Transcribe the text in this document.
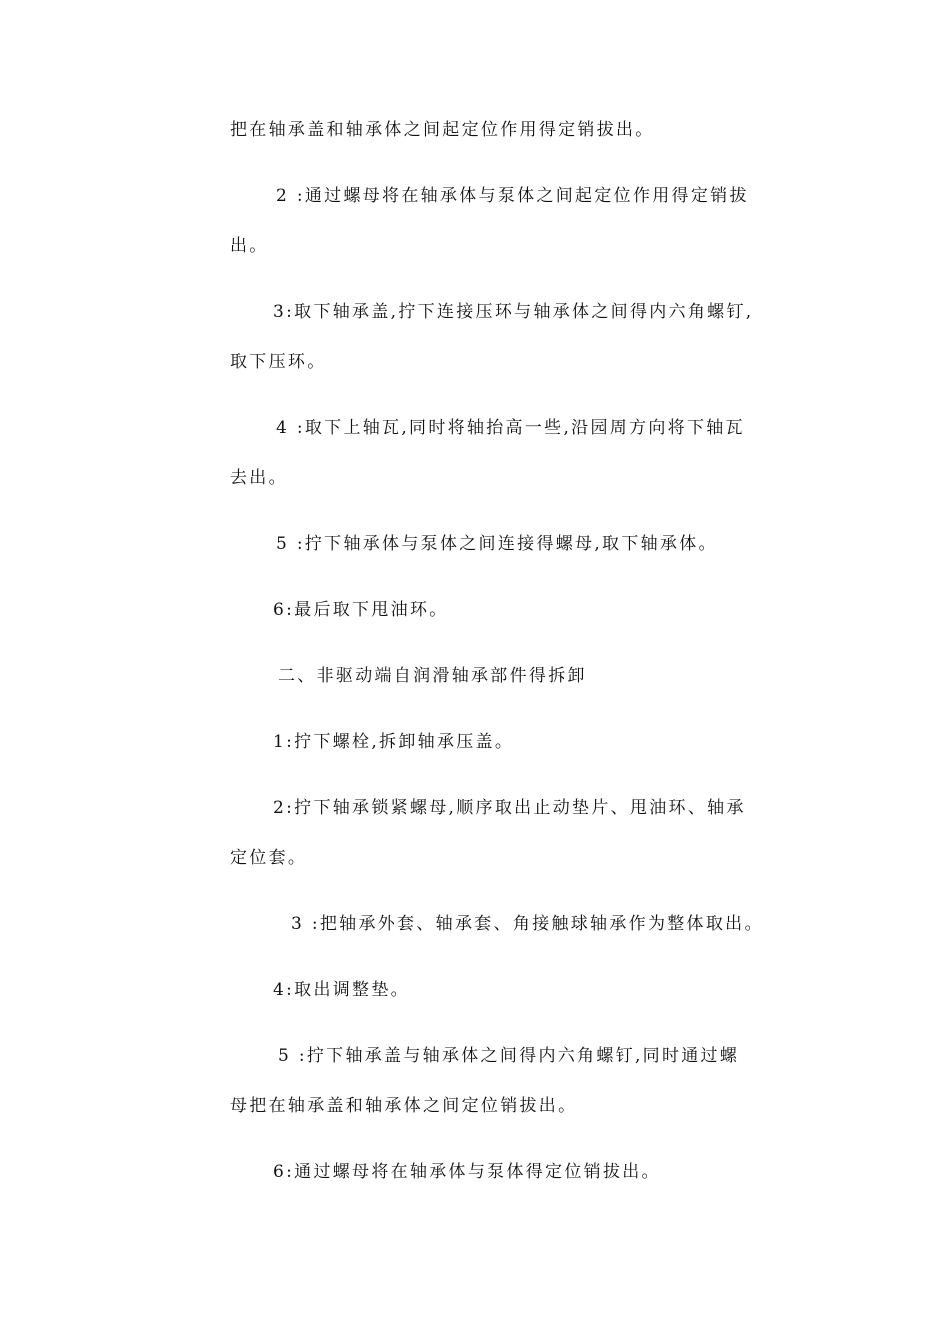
把在轴承盖和轴承体之间起定位作用得定销拔出。

2 :通过螺母将在轴承体与泵体之间起定位作用得定销拔

出。

3:取下轴承盖,拧下连接压环与轴承体之间得内六角螺钉,

取下压环。

4 :取下上轴瓦,同时将轴抬高一些,沿园周方向将下轴瓦

去出。

5 :拧下轴承体与泵体之间连接得螺母,取下轴承体。

6:最后取下甩油环。

二、非驱动端自润滑轴承部件得拆卸

1:拧下螺栓,拆卸轴承压盖。

2:拧下轴承锁紧螺母,顺序取出止动垫片、甩油环、轴承

定位套。

3 :把轴承外套、轴承套、角接触球轴承作为整体取出。

4:取出调整垫。

5 :拧下轴承盖与轴承体之间得内六角螺钉,同时通过螺

母把在轴承盖和轴承体之间定位销拔出。

6:通过螺母将在轴承体与泵体得定位销拔出。
